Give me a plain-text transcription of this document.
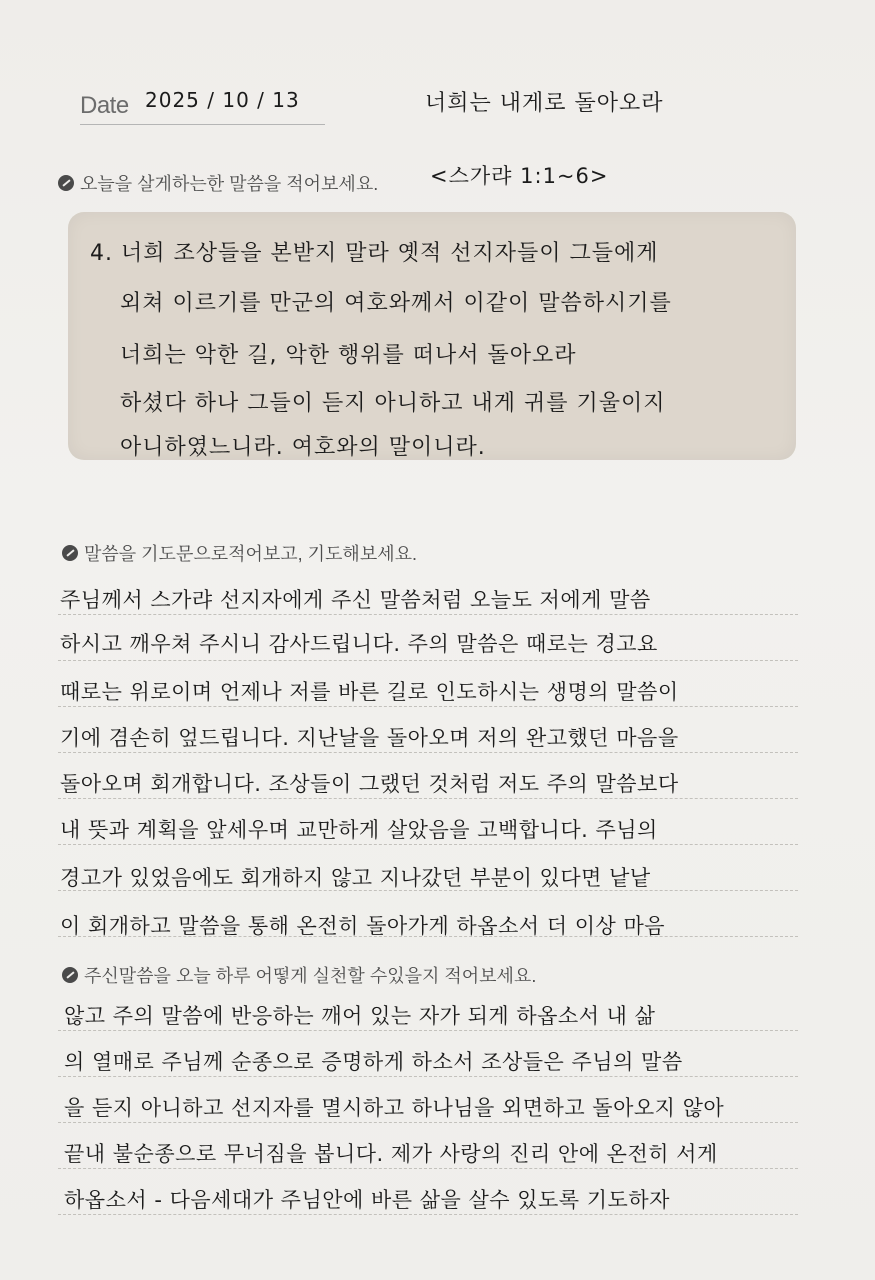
Date 2025 / 10 / 13	너희는 내게로 돌아오라
오늘을 살게하는한 말씀을 적어보세요. <스가랴 1:1~6>
4. 너희 조상들을 본받지 말라 옛적 선지자들이 그들에게
외쳐 이르기를 만군의 여호와께서 이같이 말씀하시기를
너희는 악한 길, 악한 행위를 떠나서 돌아오라
하셨다 하나 그들이 듣지 아니하고 내게 귀를 기울이지
아니하였느니라. 여호와의 말이니라.
말씀을 기도문으로적어보고, 기도해보세요.
주님께서 스가랴 선지자에게 주신 말씀처럼 오늘도 저에게 말씀
하시고 깨우쳐 주시니 감사드립니다. 주의 말씀은 때로는 경고요
때로는 위로이며 언제나 저를 바른 길로 인도하시는 생명의 말씀이
기에 겸손히 엎드립니다. 지난날을 돌아오며 저의 완고했던 마음을
돌아오며 회개합니다. 조상들이 그랬던 것처럼 저도 주의 말씀보다
내 뜻과 계획을 앞세우며 교만하게 살았음을 고백합니다. 주님의
경고가 있었음에도 회개하지 않고 지나갔던 부분이 있다면 낱낱
이 회개하고 말씀을 통해 온전히 돌아가게 하옵소서 더 이상 마음
주신말씀을 오늘 하루 어떻게 실천할 수있을지 적어보세요.
않고 주의 말씀에 반응하는 깨어 있는 자가 되게 하옵소서 내 삶
의 열매로 주님께 순종으로 증명하게 하소서 조상들은 주님의 말씀
을 듣지 아니하고 선지자를 멸시하고 하나님을 외면하고 돌아오지 않아
끝내 불순종으로 무너짐을 봅니다. 제가 사랑의 진리 안에 온전히 서게
하옵소서 - 다음세대가 주님안에 바른 삶을 살수 있도록 기도하자
